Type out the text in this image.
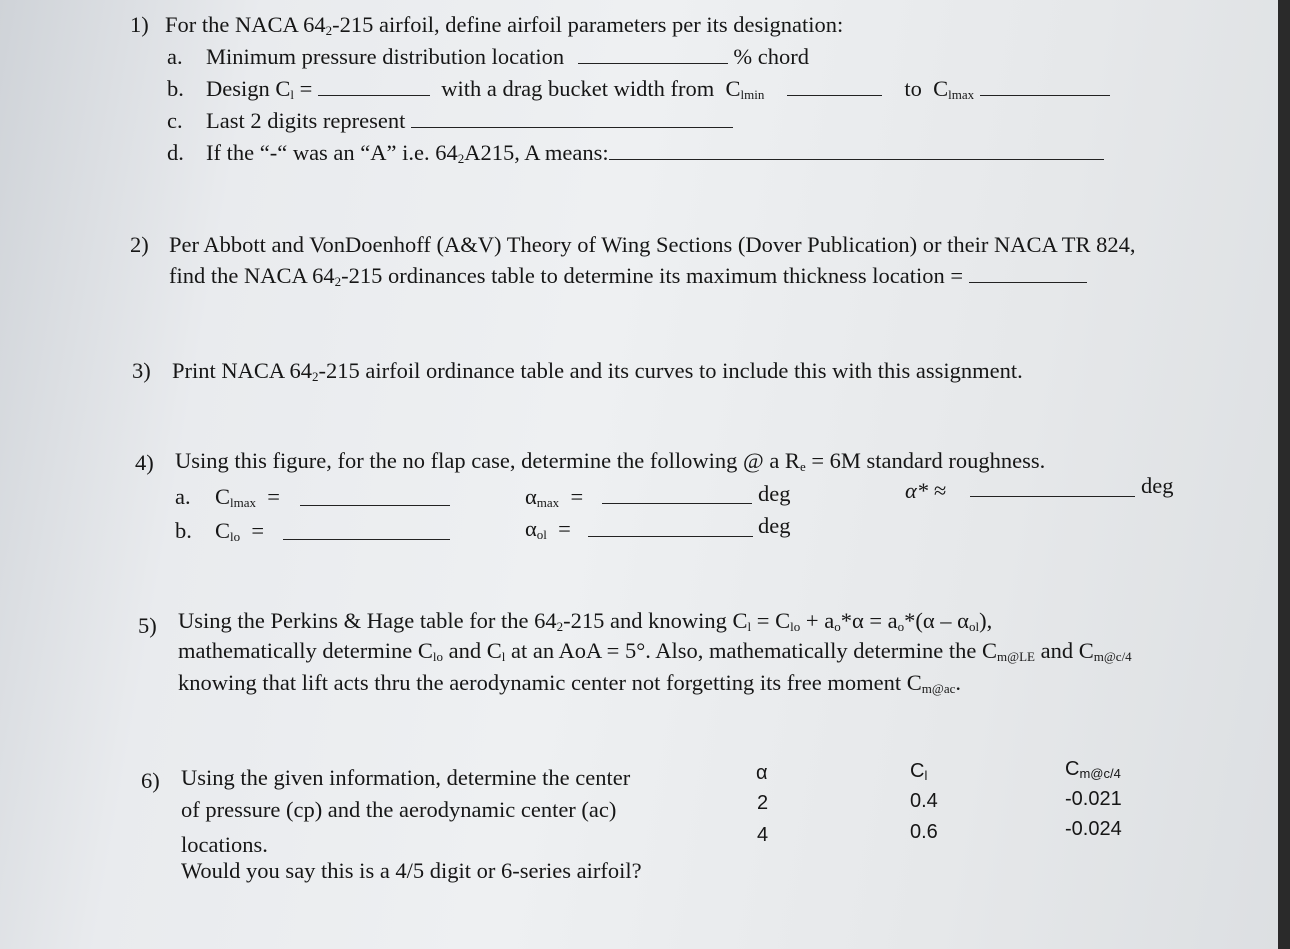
1) For the NACA 642-215 airfoil, define airfoil parameters per its designation:
a. Minimum pressure distribution location	% chord
b. Design Cl =	with a drag bucket width from Clmin	to Clmax
c. Last 2 digits represent
d. If the “-“ was an “A” i.e. 642A215, A means:
2) Per Abbott and VonDoenhoff (A&V) Theory of Wing Sections (Dover Publication) or their NACA TR 824,
find the NACA 642-215 ordinances table to determine its maximum thickness location =
3) Print NACA 642-215 airfoil ordinance table and its curves to include this with this assignment.
4) Using this figure, for the no flap case, determine the following @ a Re = 6M standard roughness.
a. Clmax =	αmax =	deg	α* ≈	deg
b. Clo =	αol =	deg
5) Using the Perkins & Hage table for the 642-215 and knowing Cl = Clo + ao*α = ao*(α – αol),
mathematically determine Clo and Cl at an AoA = 5°. Also, mathematically determine the Cm@LE and Cm@c/4
knowing that lift acts thru the aerodynamic center not forgetting its free moment Cm@ac.
6) Using the given information, determine the center
of pressure (cp) and the aerodynamic center (ac)
locations.
Would you say this is a 4/5 digit or 6-series airfoil?
α	Cl	Cm@c/4
2	0.4	-0.021
4	0.6	-0.024
